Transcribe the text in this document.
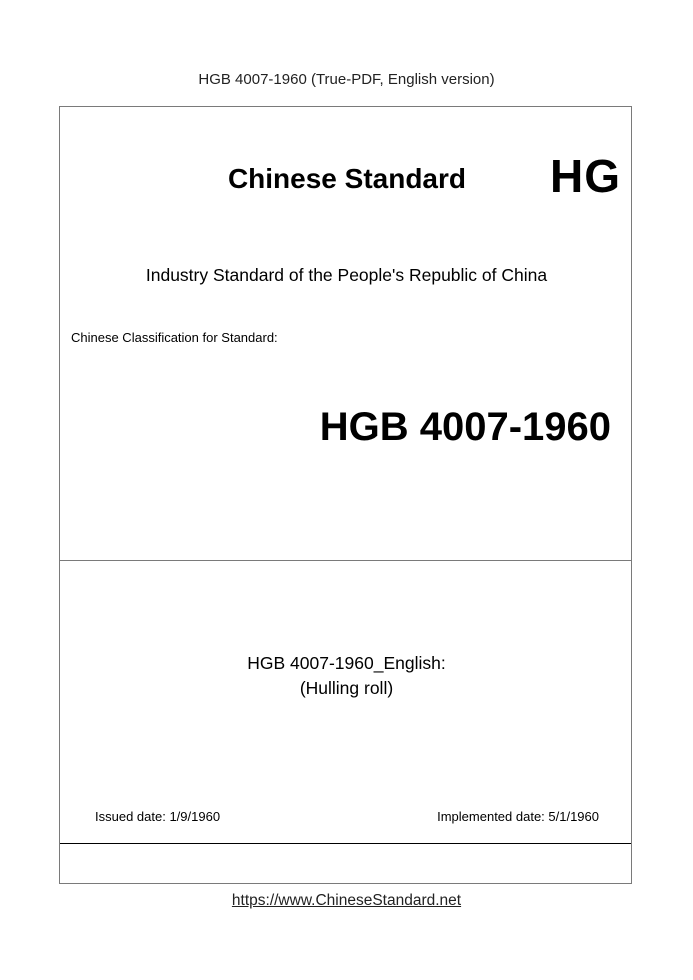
HGB 4007-1960 (True-PDF, English version)
Chinese Standard HG
Industry Standard of the People's Republic of China
Chinese Classification for Standard:
HGB 4007-1960
HGB 4007-1960_English:
(Hulling roll)
Issued date: 1/9/1960	Implemented date: 5/1/1960
https://www.ChineseStandard.net
